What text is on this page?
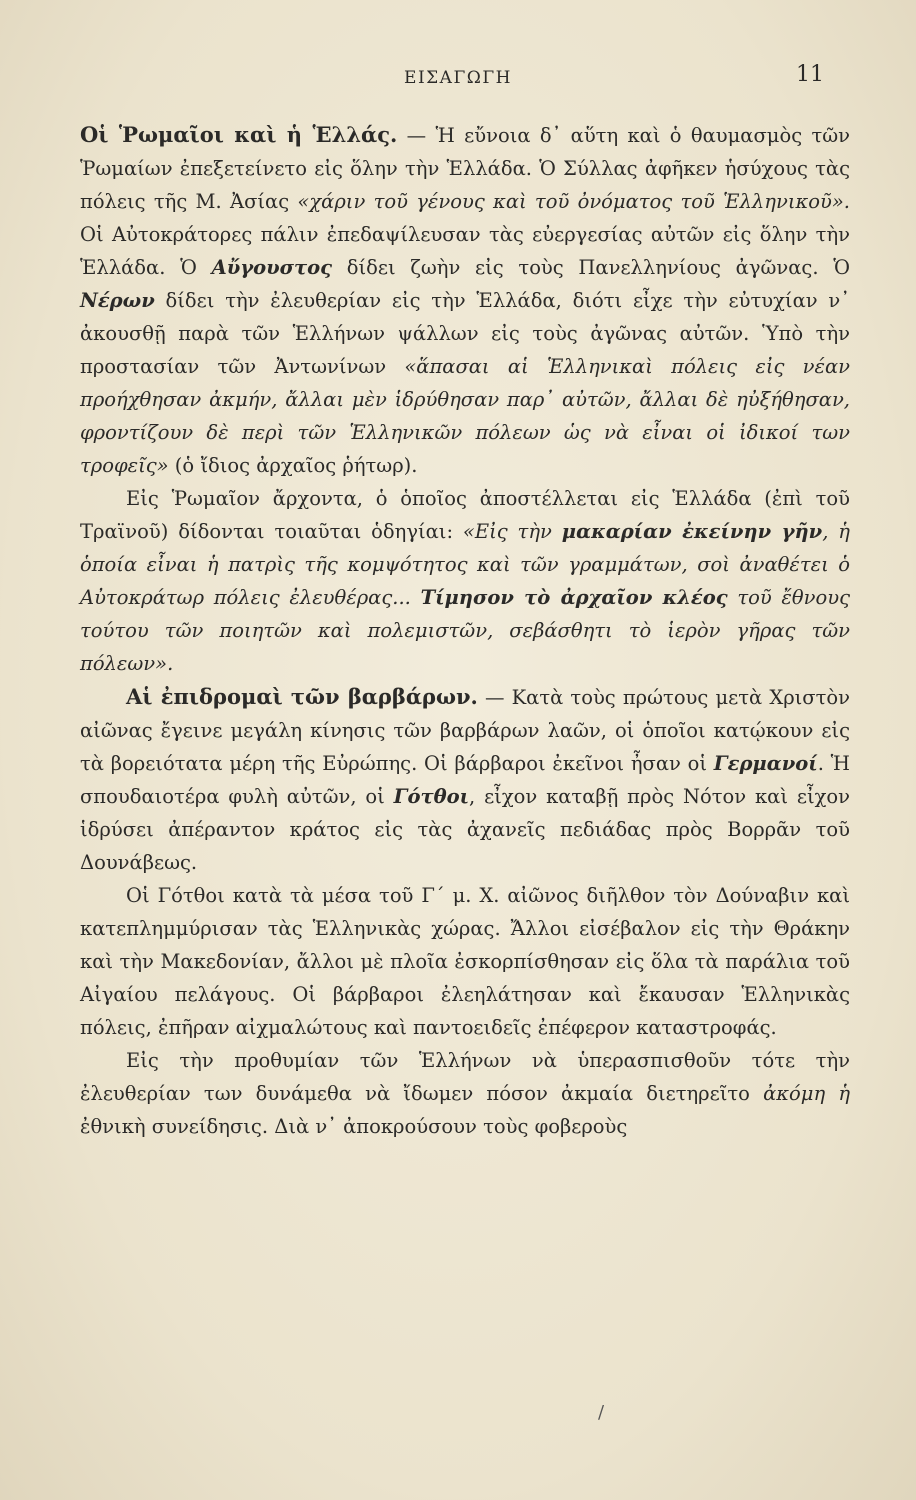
ΕΙΣΑΓΩΓΗ	11

Οἱ Ῥωμαῖοι καὶ ἡ Ἑλλάς. — Ἡ εὔνοια δ᾽ αὕτη καὶ ὁ θαυμασμὸς τῶν Ῥωμαίων ἐπεξετείνετο εἰς ὅλην τὴν Ἑλλάδα. Ὁ Σύλλας ἀφῆκεν ἡσύχους τὰς πόλεις τῆς Μ. Ἀσίας «χάριν τοῦ γένους καὶ τοῦ ὀνόματος τοῦ Ἑλληνικοῦ». Οἱ Αὐτοκράτορες πάλιν ἐπεδαψίλευσαν τὰς εὐεργεσίας αὐτῶν εἰς ὅλην τὴν Ἑλλάδα. Ὁ Αὔγουστος δίδει ζωὴν εἰς τοὺς Πανελληνίους ἀγῶνας. Ὁ Νέρων δίδει τὴν ἐλευθερίαν εἰς τὴν Ἑλλάδα, διότι εἶχε τὴν εὐτυχίαν ν᾽ ἀκουσθῇ παρὰ τῶν Ἑλλήνων ψάλλων εἰς τοὺς ἀγῶνας αὐτῶν. Ὑπὸ τὴν προστασίαν τῶν Ἀντωνίνων «ἅπασαι αἱ Ἑλληνικαὶ πόλεις εἰς νέαν προήχθησαν ἀκμήν, ἄλλαι μὲν ἱδρύθησαν παρ᾽ αὐτῶν, ἄλλαι δὲ ηὐξήθησαν, φροντίζουν δὲ περὶ τῶν Ἑλληνικῶν πόλεων ὡς νὰ εἶναι οἱ ἰδικοί των τροφεῖς» (ὁ ἴδιος ἀρχαῖος ῥήτωρ).

Εἰς Ῥωμαῖον ἄρχοντα, ὁ ὁποῖος ἀποστέλλεται εἰς Ἑλλάδα (ἐπὶ τοῦ Τραϊνοῦ) δίδονται τοιαῦται ὁδηγίαι: «Εἰς τὴν μακαρίαν ἐκείνην γῆν, ἡ ὁποία εἶναι ἡ πατρὶς τῆς κομψότητος καὶ τῶν γραμμάτων, σοὶ ἀναθέτει ὁ Αὐτοκράτωρ πόλεις ἐλευθέρας... Τίμησον τὸ ἀρχαῖον κλέος τοῦ ἔθνους τούτου τῶν ποιητῶν καὶ πολεμιστῶν, σεβάσθητι τὸ ἱερὸν γῆρας τῶν πόλεων».

Αἱ ἐπιδρομαὶ τῶν βαρβάρων. — Κατὰ τοὺς πρώτους μετὰ Χριστὸν αἰῶνας ἔγεινε μεγάλη κίνησις τῶν βαρβάρων λαῶν, οἱ ὁποῖοι κατῴκουν εἰς τὰ βορειότατα μέρη τῆς Εὐρώπης. Οἱ βάρβαροι ἐκεῖνοι ἦσαν οἱ Γερμανοί. Ἡ σπουδαιοτέρα φυλὴ αὐτῶν, οἱ Γότθοι, εἶχον καταβῇ πρὸς Νότον καὶ εἶχον ἱδρύσει ἀπέραντον κράτος εἰς τὰς ἀχανεῖς πεδιάδας πρὸς Βορρᾶν τοῦ Δουνάβεως.

Οἱ Γότθοι κατὰ τὰ μέσα τοῦ Γ΄ μ. Χ. αἰῶνος διῆλθον τὸν Δούναβιν καὶ κατεπλημμύρισαν τὰς Ἑλληνικὰς χώρας. Ἄλλοι εἰσέβαλον εἰς τὴν Θράκην καὶ τὴν Μακεδονίαν, ἄλλοι μὲ πλοῖα ἐσκορπίσθησαν εἰς ὅλα τὰ παράλια τοῦ Αἰγαίου πελάγους. Οἱ βάρβαροι ἐλεηλάτησαν καὶ ἔκαυσαν Ἑλληνικὰς πόλεις, ἐπῆραν αἰχμαλώτους καὶ παντοειδεῖς ἐπέφερον καταστροφάς.

Εἰς τὴν προθυμίαν τῶν Ἑλλήνων νὰ ὑπερασπισθοῦν τότε τὴν ἐλευθερίαν των δυνάμεθα νὰ ἴδωμεν πόσον ἀκμαία διετηρεῖτο ἀκόμη ἡ ἐθνικὴ συνείδησις. Διὰ ν᾽ ἀποκρούσουν τοὺς φοβεροὺς

/
